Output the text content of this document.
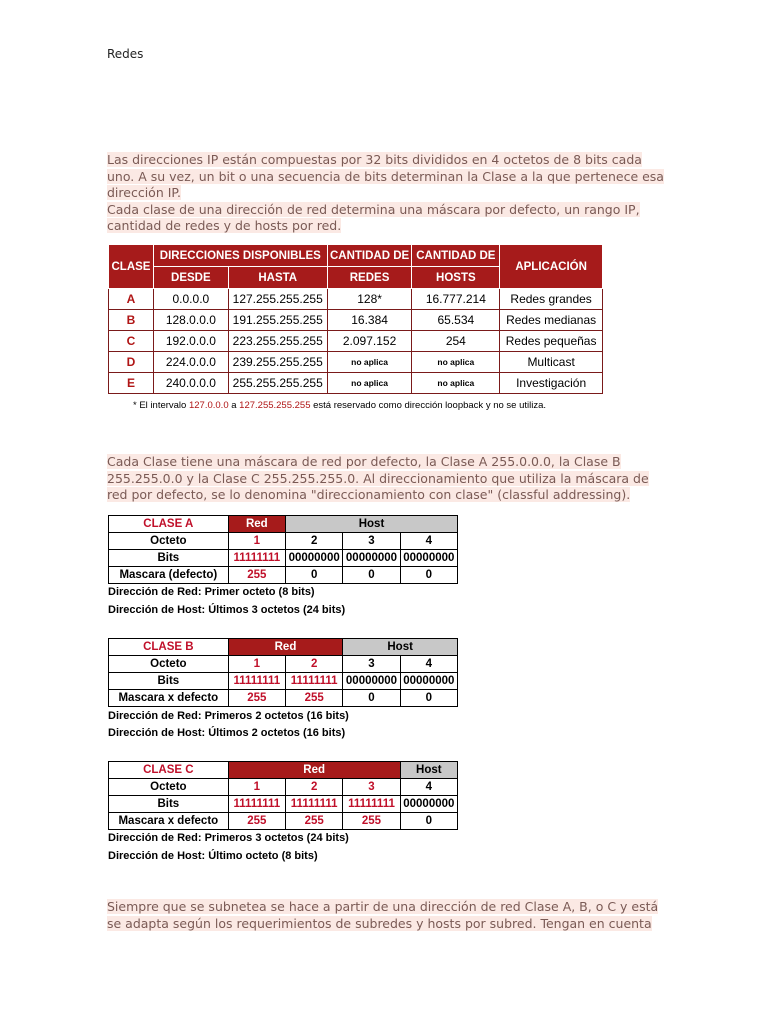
Redes

Las direcciones IP están compuestas por 32 bits divididos en 4 octetos de 8 bits cada uno. A su vez, un bit o una secuencia de bits determinan la Clase a la que pertenece esa dirección IP.

Cada clase de una dirección de red determina una máscara por defecto, un rango IP, cantidad de redes y de hosts por red.

CLASE	DIRECCIONES DISPONIBLES		CANTIDAD DE	CANTIDAD DE	APLICACIÓN
	DESDE	HASTA	REDES	HOSTS	
A	0.0.0.0	127.255.255.255	128*	16.777.214	Redes grandes
B	128.0.0.0	191.255.255.255	16.384	65.534	Redes medianas
C	192.0.0.0	223.255.255.255	2.097.152	254	Redes pequeñas
D	224.0.0.0	239.255.255.255	no aplica	no aplica	Multicast
E	240.0.0.0	255.255.255.255	no aplica	no aplica	Investigación
* El intervalo 127.0.0.0 a 127.255.255.255 está reservado como dirección loopback y no se utiliza.

Cada Clase tiene una máscara de red por defecto, la Clase A 255.0.0.0, la Clase B 255.255.0.0 y la Clase C 255.255.255.0. Al direccionamiento que utiliza la máscara de red por defecto, se lo denomina "direccionamiento con clase" (classful addressing).

CLASE A	Red	Host		
Octeto	1	2	3	4
Bits	11111111	00000000	00000000	00000000
Mascara (defecto)	255	0	0	0
Dirección de Red: Primer octeto (8 bits)
Dirección de Host: Últimos 3 octetos (24 bits)
CLASE B	Red		Host	
Octeto	1	2	3	4
Bits	11111111	11111111	00000000	00000000
Mascara x defecto	255	255	0	0
Dirección de Red: Primeros 2 octetos (16 bits)
Dirección de Host: Últimos 2 octetos (16 bits)
CLASE C	Red			Host
Octeto	1	2	3	4
Bits	11111111	11111111	11111111	00000000
Mascara x defecto	255	255	255	0
Dirección de Red: Primeros 3 octetos (24 bits)
Dirección de Host: Último octeto (8 bits)

Siempre que se subnetea se hace a partir de una dirección de red Clase A, B, o C y está se adapta según los requerimientos de subredes y hosts por subred. Tengan en cuenta
